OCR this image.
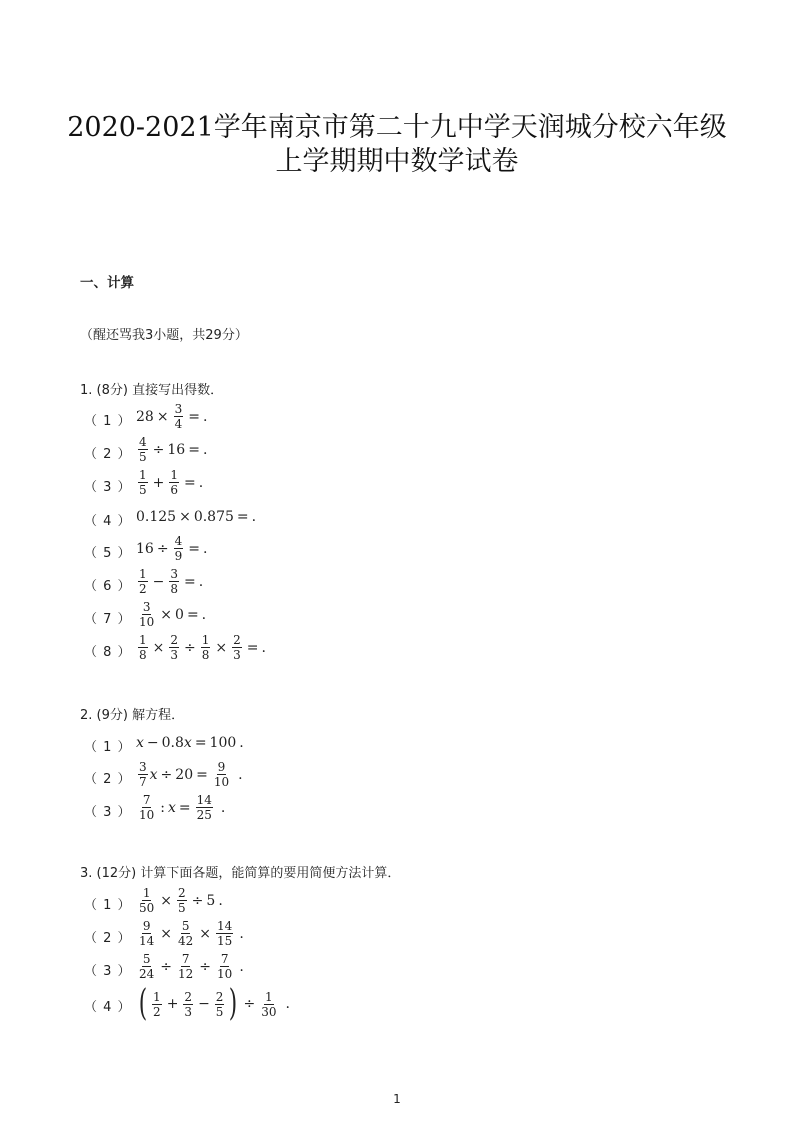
2020-2021学年南京市第二十九中学天润城分校六年级
上学期期中数学试卷
一、计算
（醒还骂我3小题，共29分）
1. (8分) 直接写出得数．
（ 1 ） $28 \times \frac{3}{4}$ = .
（ 2 ） $\frac{4}{5} \div 16$ = .
（ 3 ） $\frac{1}{5} + \frac{1}{6}$ = .
（ 4 ） 0.125 × 0.875 = .
（ 5 ） $16 \div \frac{4}{9}$ = .
（ 6 ） $\frac{1}{2} - \frac{3}{8}$ = .
（ 7 ） $\frac{3}{10} \times 0$ = .
（ 8 ） $\frac{1}{8} \times \frac{2}{3} \div \frac{1}{8} \times \frac{2}{3}$ = .
2. (9分) 解方程．
（ 1 ） x − 0.8 x = 100 .
（ 2 ） $\frac{3}{7}$ $x \div 20 = \frac{9}{10}$ .
（ 3 ） $\frac{7}{10}$ : $x = \frac{14}{25}$ .
3. (12分) 计算下面各题，能简算的要用简便方法计算．
（ 1 ） $\frac{1}{50} \times \frac{2}{5} \div 5$ .
（ 2 ） $\frac{9}{14} \times \frac{5}{42} \times \frac{14}{15}$ .
（ 3 ） $\frac{5}{24} \div \frac{7}{12} \div \frac{7}{10}$ .
（ 4 ） ( $\frac{1}{2} + \frac{2}{3} - \frac{2}{5}$ ) ÷ $\frac{1}{30}$ .
1
